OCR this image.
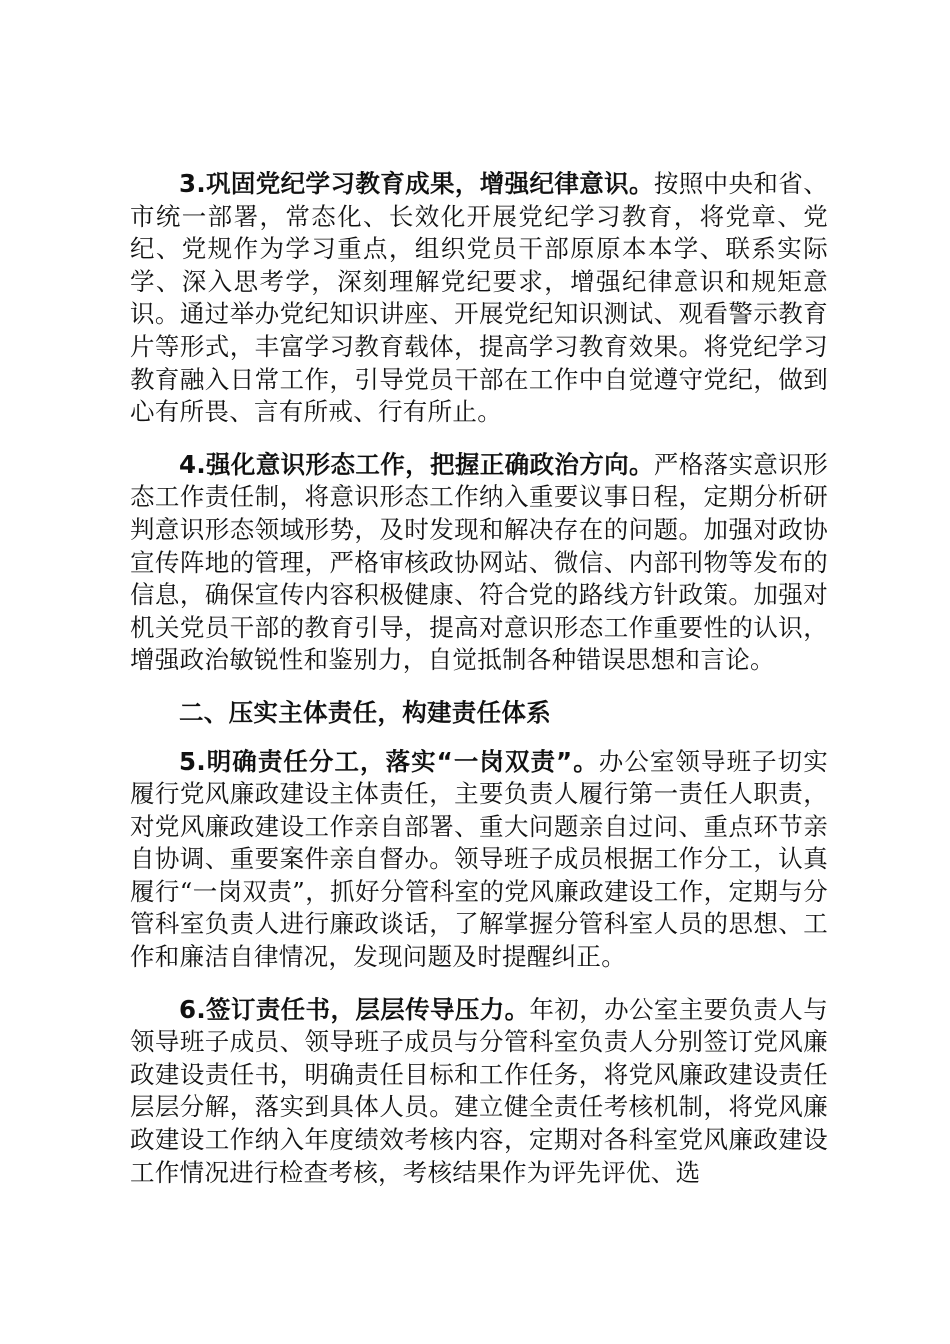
3.巩固党纪学习教育成果，增强纪律意识。按照中央和省、市统一部署，常态化、长效化开展党纪学习教育，将党章、党纪、党规作为学习重点，组织党员干部原原本本学、联系实际学、深入思考学，深刻理解党纪要求，增强纪律意识和规矩意识。通过举办党纪知识讲座、开展党纪知识测试、观看警示教育片等形式，丰富学习教育载体，提高学习教育效果。将党纪学习教育融入日常工作，引导党员干部在工作中自觉遵守党纪，做到心有所畏、言有所戒、行有所止。

4.强化意识形态工作，把握正确政治方向。严格落实意识形态工作责任制，将意识形态工作纳入重要议事日程，定期分析研判意识形态领域形势，及时发现和解决存在的问题。加强对政协宣传阵地的管理，严格审核政协网站、微信、内部刊物等发布的信息，确保宣传内容积极健康、符合党的路线方针政策。加强对机关党员干部的教育引导，提高对意识形态工作重要性的认识，增强政治敏锐性和鉴别力，自觉抵制各种错误思想和言论。

二、压实主体责任，构建责任体系

5.明确责任分工，落实“一岗双责”。办公室领导班子切实履行党风廉政建设主体责任，主要负责人履行第一责任人职责，对党风廉政建设工作亲自部署、重大问题亲自过问、重点环节亲自协调、重要案件亲自督办。领导班子成员根据工作分工，认真履行“一岗双责”，抓好分管科室的党风廉政建设工作，定期与分管科室负责人进行廉政谈话，了解掌握分管科室人员的思想、工作和廉洁自律情况，发现问题及时提醒纠正。

6.签订责任书，层层传导压力。年初，办公室主要负责人与领导班子成员、领导班子成员与分管科室负责人分别签订党风廉政建设责任书，明确责任目标和工作任务，将党风廉政建设责任层层分解，落实到具体人员。建立健全责任考核机制，将党风廉政建设工作纳入年度绩效考核内容，定期对各科室党风廉政建设工作情况进行检查考核，考核结果作为评先评优、选
